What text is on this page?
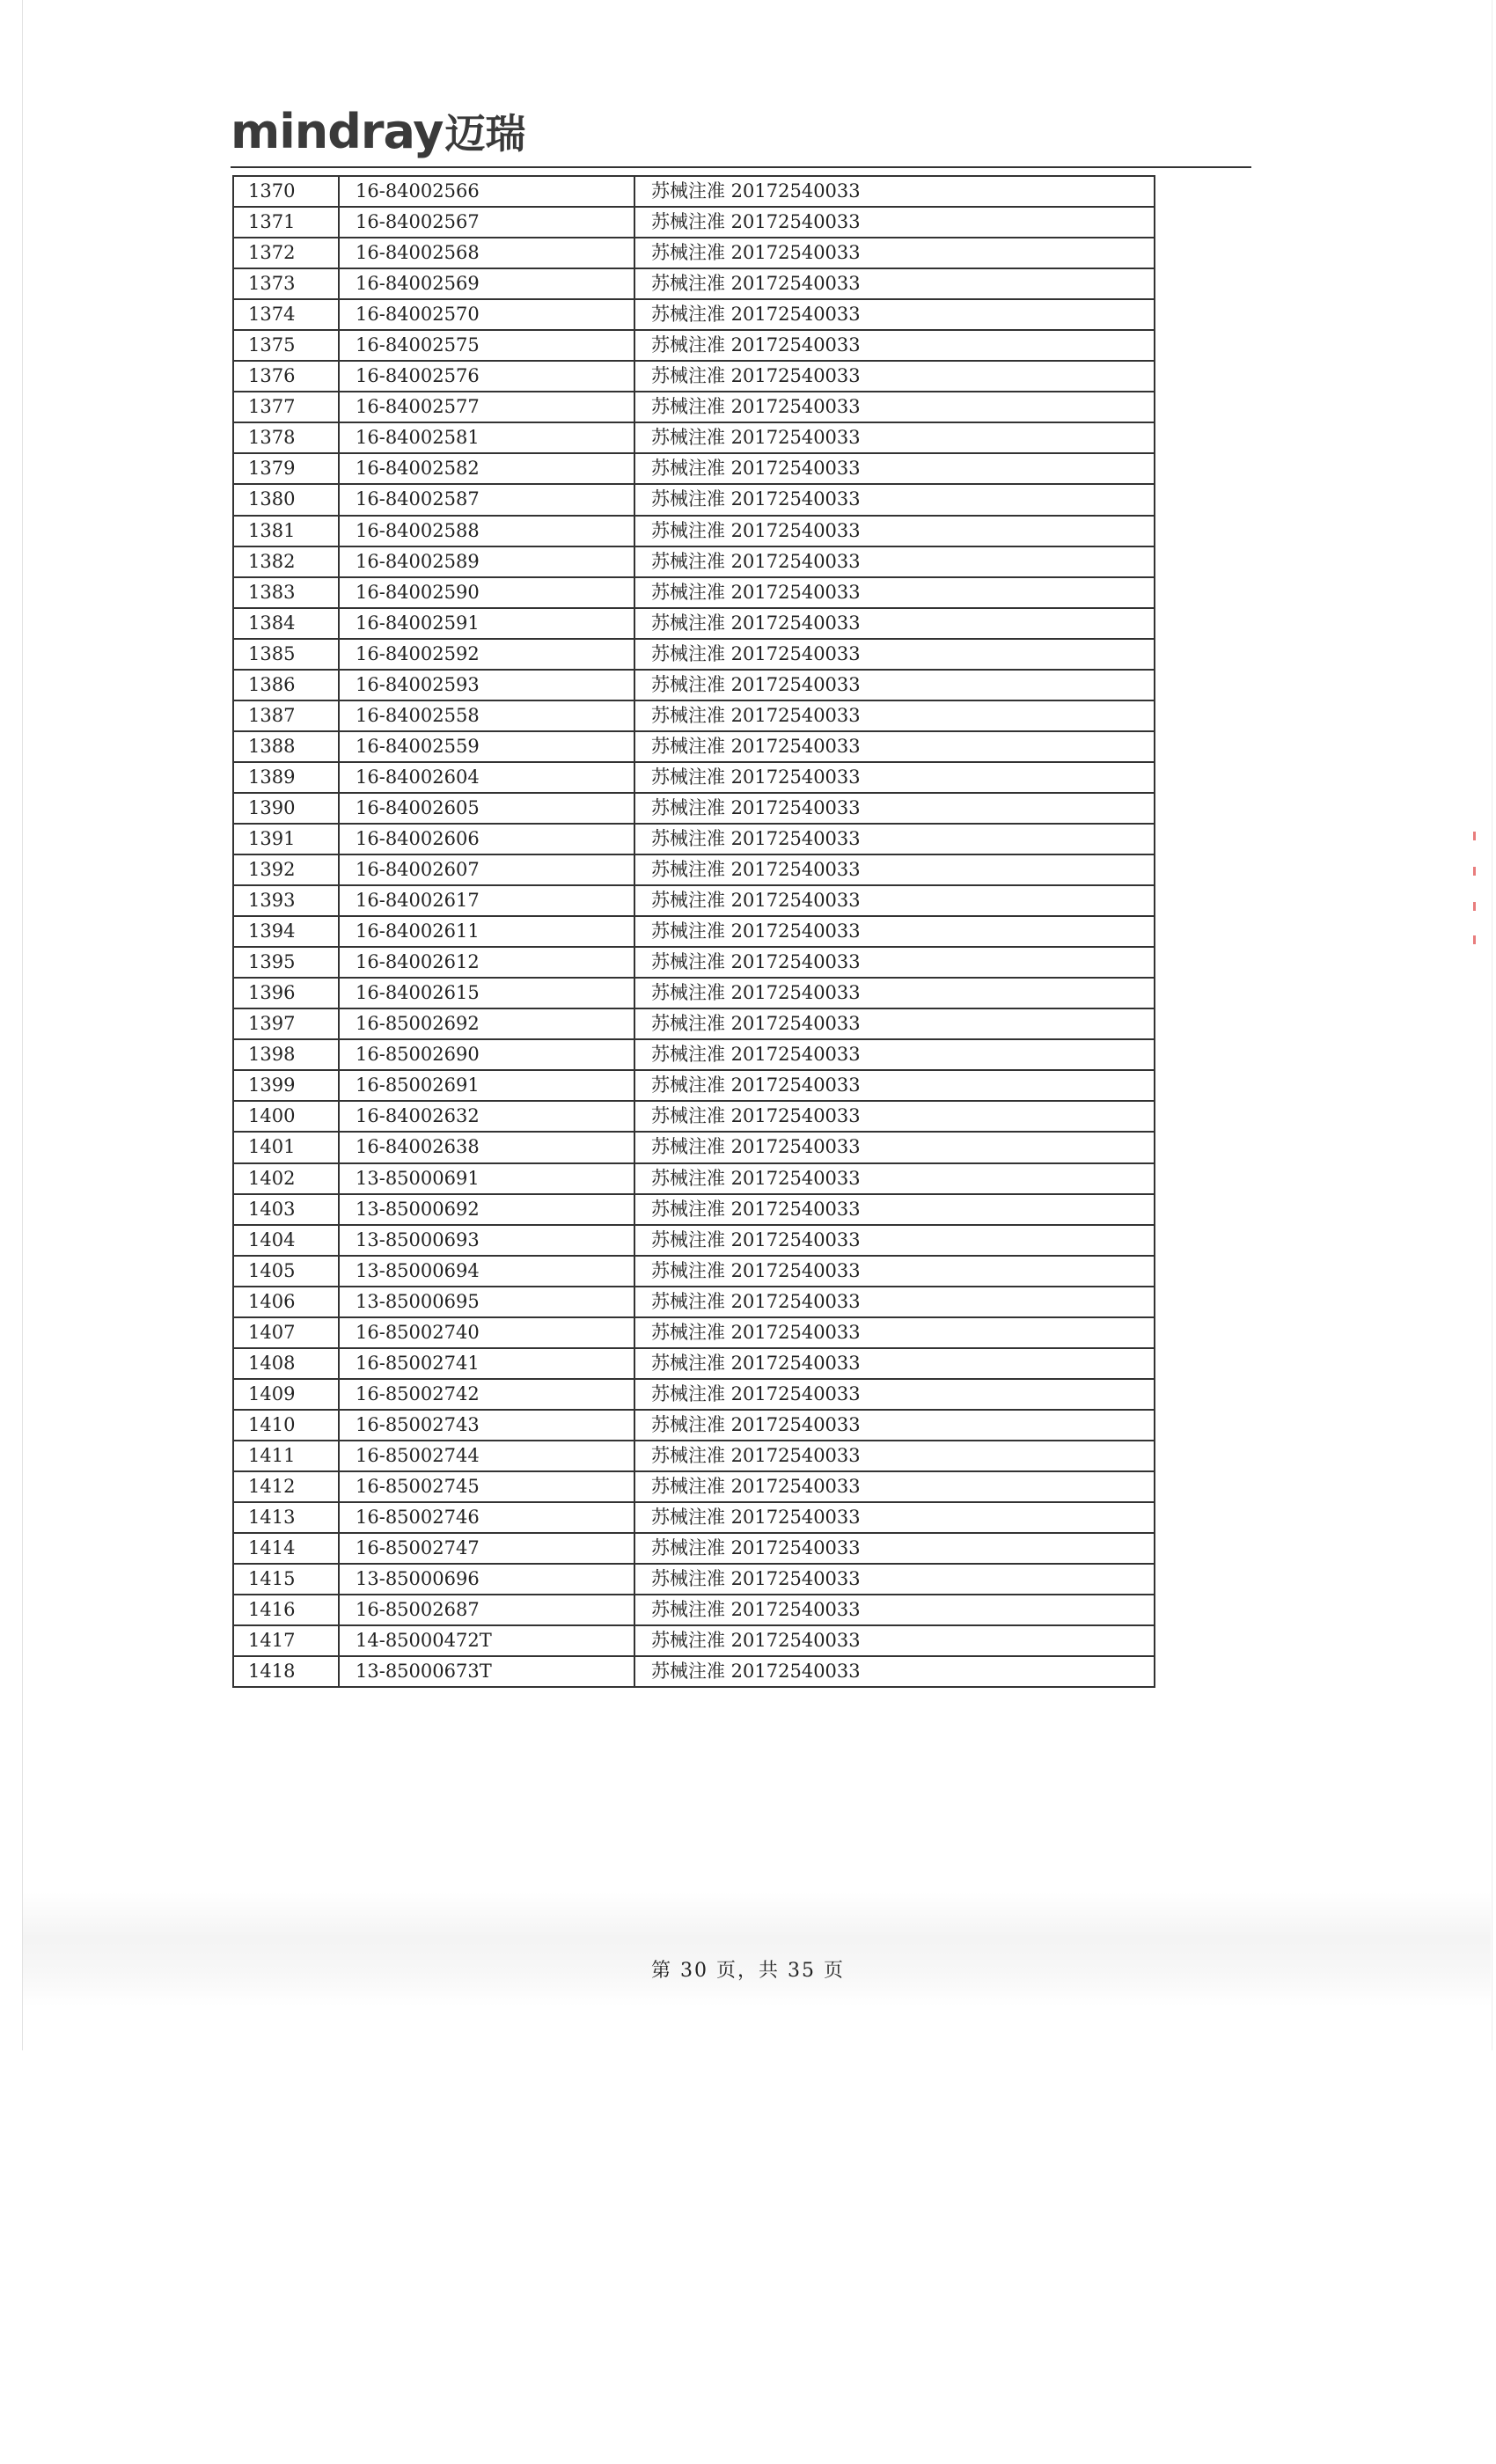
mindray 迈瑞
1370	16-84002566	苏械注准 20172540033
1371	16-84002567	苏械注准 20172540033
1372	16-84002568	苏械注准 20172540033
1373	16-84002569	苏械注准 20172540033
1374	16-84002570	苏械注准 20172540033
1375	16-84002575	苏械注准 20172540033
1376	16-84002576	苏械注准 20172540033
1377	16-84002577	苏械注准 20172540033
1378	16-84002581	苏械注准 20172540033
1379	16-84002582	苏械注准 20172540033
1380	16-84002587	苏械注准 20172540033
1381	16-84002588	苏械注准 20172540033
1382	16-84002589	苏械注准 20172540033
1383	16-84002590	苏械注准 20172540033
1384	16-84002591	苏械注准 20172540033
1385	16-84002592	苏械注准 20172540033
1386	16-84002593	苏械注准 20172540033
1387	16-84002558	苏械注准 20172540033
1388	16-84002559	苏械注准 20172540033
1389	16-84002604	苏械注准 20172540033
1390	16-84002605	苏械注准 20172540033
1391	16-84002606	苏械注准 20172540033
1392	16-84002607	苏械注准 20172540033
1393	16-84002617	苏械注准 20172540033
1394	16-84002611	苏械注准 20172540033
1395	16-84002612	苏械注准 20172540033
1396	16-84002615	苏械注准 20172540033
1397	16-85002692	苏械注准 20172540033
1398	16-85002690	苏械注准 20172540033
1399	16-85002691	苏械注准 20172540033
1400	16-84002632	苏械注准 20172540033
1401	16-84002638	苏械注准 20172540033
1402	13-85000691	苏械注准 20172540033
1403	13-85000692	苏械注准 20172540033
1404	13-85000693	苏械注准 20172540033
1405	13-85000694	苏械注准 20172540033
1406	13-85000695	苏械注准 20172540033
1407	16-85002740	苏械注准 20172540033
1408	16-85002741	苏械注准 20172540033
1409	16-85002742	苏械注准 20172540033
1410	16-85002743	苏械注准 20172540033
1411	16-85002744	苏械注准 20172540033
1412	16-85002745	苏械注准 20172540033
1413	16-85002746	苏械注准 20172540033
1414	16-85002747	苏械注准 20172540033
1415	13-85000696	苏械注准 20172540033
1416	16-85002687	苏械注准 20172540033
1417	14-85000472T	苏械注准 20172540033
1418	13-85000673T	苏械注准 20172540033
第 30 页，共 35 页
